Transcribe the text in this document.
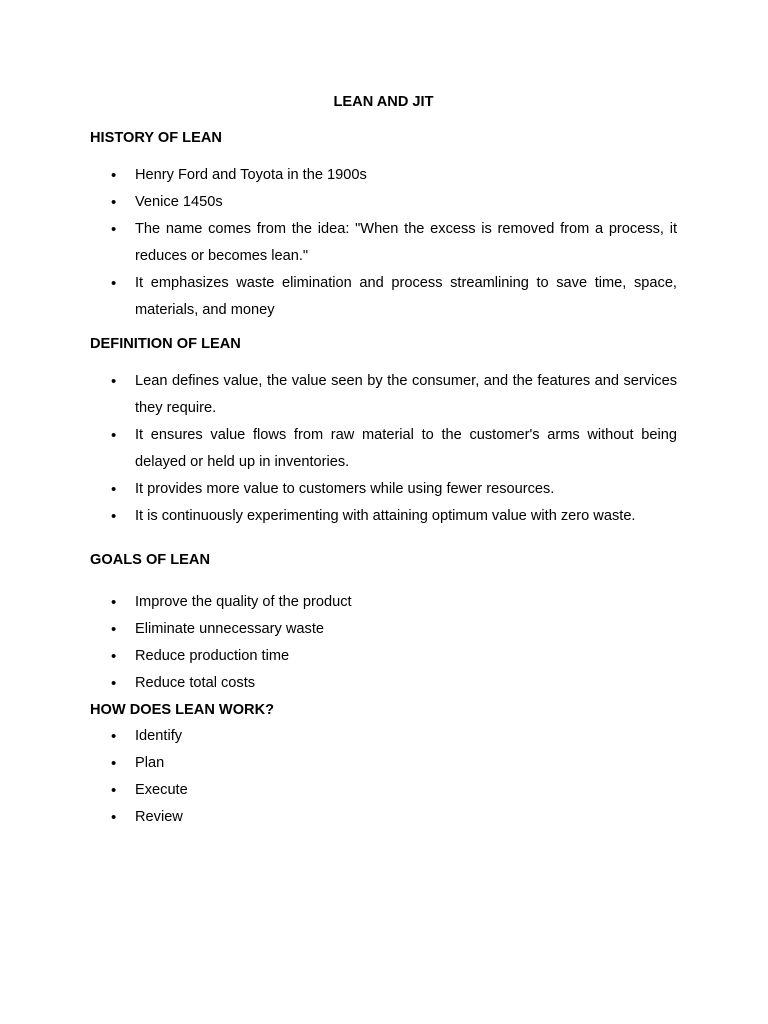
LEAN AND JIT
HISTORY OF LEAN
• Henry Ford and Toyota in the 1900s
• Venice 1450s
• The name comes from the idea: "When the excess is removed from a process, it reduces or becomes lean."
• It emphasizes waste elimination and process streamlining to save time, space, materials, and money
DEFINITION OF LEAN
• Lean defines value, the value seen by the consumer, and the features and services they require.
• It ensures value flows from raw material to the customer's arms without being delayed or held up in inventories.
• It provides more value to customers while using fewer resources.
• It is continuously experimenting with attaining optimum value with zero waste.
GOALS OF LEAN
• Improve the quality of the product
• Eliminate unnecessary waste
• Reduce production time
• Reduce total costs
HOW DOES LEAN WORK?
• Identify
• Plan
• Execute
• Review
